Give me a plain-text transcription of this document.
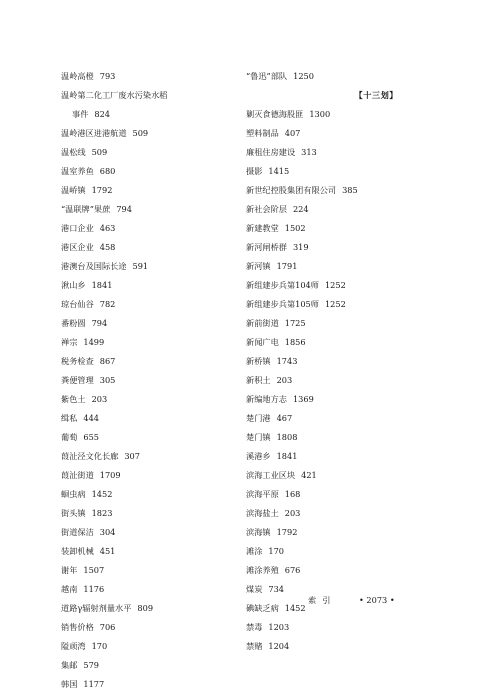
温岭高橙 793
温岭第二化工厂废水污染水稻
事件 824
温岭港区进港航道 509
温松线 509
温室养鱼 680
温峤镇 1792
“温联牌”果蔗 794
港口企业 463
港区企业 458
港澳台及国际长途 591
湫山乡 1841
琼台仙谷 782
番粉圆 794
禅宗 1499
税务检查 867
粪便管理 305
紫色土 203
缉私 444
葡萄 655
葭沚泾文化长廊 307
葭沚街道 1709
蛔虫病 1452
街头镇 1823
街道保洁 304
装卸机械 451
谢年 1507
越南 1176
道路γ辐射剂量水平 809
销售价格 706
隘顽湾 170
集邮 579
韩国 1177
“鲁迅”部队 1250
【十三划】
剿灭食德海股匪 1300
塑料制品 407
廉租住房建设 313
摄影 1415
新世纪控股集团有限公司 385
新社会阶层 224
新建教堂 1502
新河闸桥群 319
新河镇 1791
新组建步兵第104师 1252
新组建步兵第105师 1252
新前街道 1725
新闻广电 1856
新桥镇 1743
新积土 203
新编地方志 1369
楚门港 467
楚门镇 1808
溪港乡 1841
滨海工业区块 421
滨海平原 168
滨海盐土 203
滨海镇 1792
滩涂 170
滩涂养殖 676
煤炭 734
碘缺乏病 1452
禁毒 1203
禁赌 1204
索引	• 2073 •
